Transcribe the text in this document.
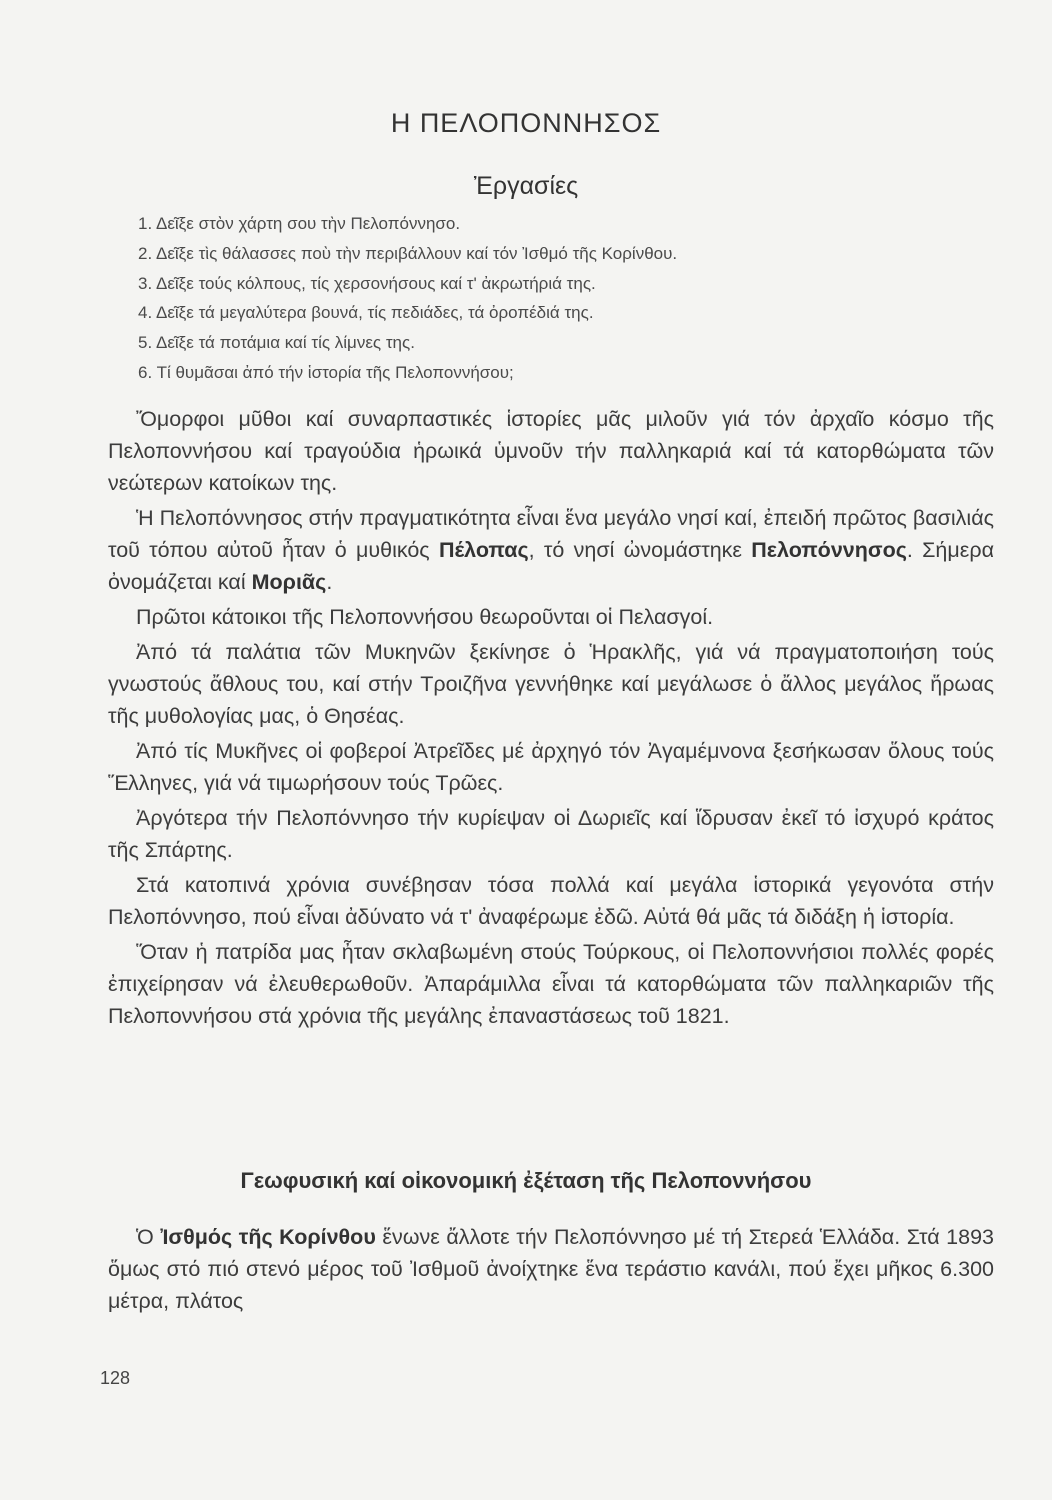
Η ΠΕΛΟΠΟΝΝΗΣΟΣ
Ἐργασίες
1. Δεῖξε στὸν χάρτη σου τὴν Πελοπόννησο.
2. Δεῖξε τὶς θάλασσες ποὺ τὴν περιβάλλουν καί τόν Ἰσθμό τῆς Κορίνθου.
3. Δεῖξε τούς κόλπους, τίς χερσονήσους καί τ' ἀκρωτήριά της.
4. Δεῖξε τά μεγαλύτερα βουνά, τίς πεδιάδες, τά ὀροπέδιά της.
5. Δεῖξε τά ποτάμια καί τίς λίμνες της.
6. Τί θυμᾶσαι ἀπό τήν ἱστορία τῆς Πελοποννήσου;

Ὄμορφοι μῦθοι καί συναρπαστικές ἱστορίες μᾶς μιλοῦν γιά τόν ἀρχαῖο κόσμο τῆς Πελοποννήσου καί τραγούδια ἡρωικά ὑμνοῦν τήν παλληκαριά καί τά κατορθώματα τῶν νεώτερων κατοίκων της.

Ἡ Πελοπόννησος στήν πραγματικότητα εἶναι ἕνα μεγάλο νησί καί, ἐπειδή πρῶτος βασιλιάς τοῦ τόπου αὐτοῦ ἦταν ὁ μυθικός Πέλοπας, τό νησί ὠνομάστηκε Πελοπόννησος. Σήμερα ὀνομάζεται καί Μοριᾶς.

Πρῶτοι κάτοικοι τῆς Πελοποννήσου θεωροῦνται οἱ Πελασγοί.

Ἀπό τά παλάτια τῶν Μυκηνῶν ξεκίνησε ὁ Ἡρακλῆς, γιά νά πραγματοποιήση τούς γνωστούς ἄθλους του, καί στήν Τροιζῆνα γεννήθηκε καί μεγάλωσε ὁ ἄλλος μεγάλος ἥρωας τῆς μυθολογίας μας, ὁ Θησέας.

Ἀπό τίς Μυκῆνες οἱ φοβεροί Ἀτρεῖδες μέ ἀρχηγό τόν Ἀγαμέμνονα ξεσήκωσαν ὅλους τούς Ἕλληνες, γιά νά τιμωρήσουν τούς Τρῶες.

Ἀργότερα τήν Πελοπόννησο τήν κυρίεψαν οἱ Δωριεῖς καί ἵδρυσαν ἐκεῖ τό ἰσχυρό κράτος τῆς Σπάρτης.

Στά κατοπινά χρόνια συνέβησαν τόσα πολλά καί μεγάλα ἱστορικά γεγονότα στήν Πελοπόννησο, πού εἶναι ἀδύνατο νά τ' ἀναφέρωμε ἐδῶ. Αὐτά θά μᾶς τά διδάξη ἡ ἱστορία.

Ὅταν ἡ πατρίδα μας ἦταν σκλαβωμένη στούς Τούρκους, οἱ Πελοποννήσιοι πολλές φορές ἐπιχείρησαν νά ἐλευθερωθοῦν. Ἀπαράμιλλα εἶναι τά κατορθώματα τῶν παλληκαριῶν τῆς Πελοποννήσου στά χρόνια τῆς μεγάλης ἐπαναστάσεως τοῦ 1821.

Γεωφυσική καί οἰκονομική ἐξέταση τῆς Πελοποννήσου

Ὁ Ἰσθμός τῆς Κορίνθου ἕνωνε ἄλλοτε τήν Πελοπόννησο μέ τή Στερεά Ἑλλάδα. Στά 1893 ὅμως στό πιό στενό μέρος τοῦ Ἰσθμοῦ ἀνοίχτηκε ἕνα τεράστιο κανάλι, πού ἔχει μῆκος 6.300 μέτρα, πλάτος

128
